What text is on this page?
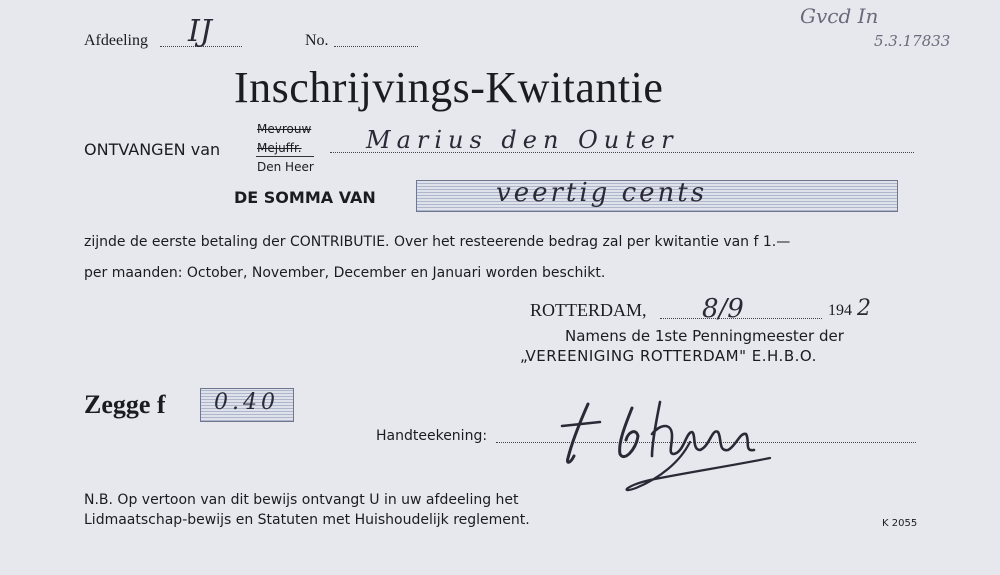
Afdeeling IJ	No.
Gvcd In
5.3.17833
Inschrijvings-Kwitantie
ONTVANGEN van
Mevrouw
Mejuffr.
Den Heer
Marius den Outer
DE SOMMA VAN	veertig cents
zijnde de eerste betaling der CONTRIBUTIE. Over het resteerende bedrag zal per kwitantie van f 1.—
per maanden: October, November, December en Januari worden beschikt.
ROTTERDAM, 8/9	194 2
Namens de 1ste Penningmeester der
„VEREENIGING ROTTERDAM" E.H.B.O.
Zegge f 0.40
Handteekening:
N.B. Op vertoon van dit bewijs ontvangt U in uw afdeeling het
Lidmaatschap-bewijs en Statuten met Huishoudelijk reglement.	K 2055
